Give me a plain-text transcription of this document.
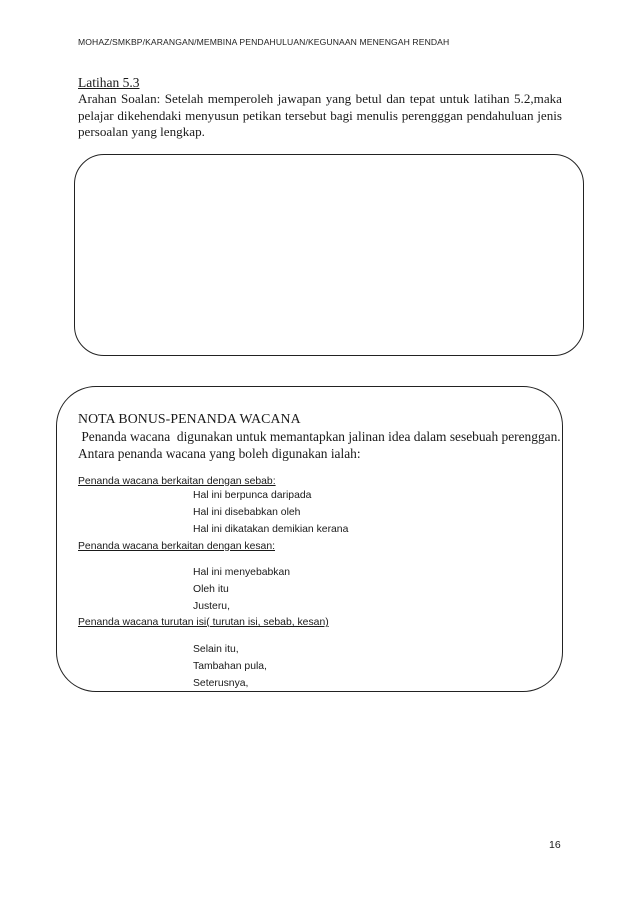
MOHAZ/SMKBP/KARANGAN/MEMBINA PENDAHULUAN/KEGUNAAN MENENGAH RENDAH
Latihan 5.3
Arahan Soalan: Setelah memperoleh jawapan yang betul dan tepat untuk latihan 5.2,maka pelajar dikehendaki menyusun petikan tersebut bagi menulis perengggan pendahuluan jenis persoalan yang lengkap.
NOTA BONUS-PENANDA WACANA
Penanda wacana  digunakan untuk memantapkan jalinan idea dalam sesebuah perenggan.
Antara penanda wacana yang boleh digunakan ialah:
Penanda wacana berkaitan dengan sebab:
Hal ini berpunca daripada
Hal ini disebabkan oleh
Hal ini dikatakan demikian kerana
Penanda wacana berkaitan dengan kesan:
Hal ini menyebabkan
Oleh itu
Justeru,
Penanda wacana turutan isi( turutan isi, sebab, kesan)
Selain itu,
Tambahan pula,
Seterusnya,
16
